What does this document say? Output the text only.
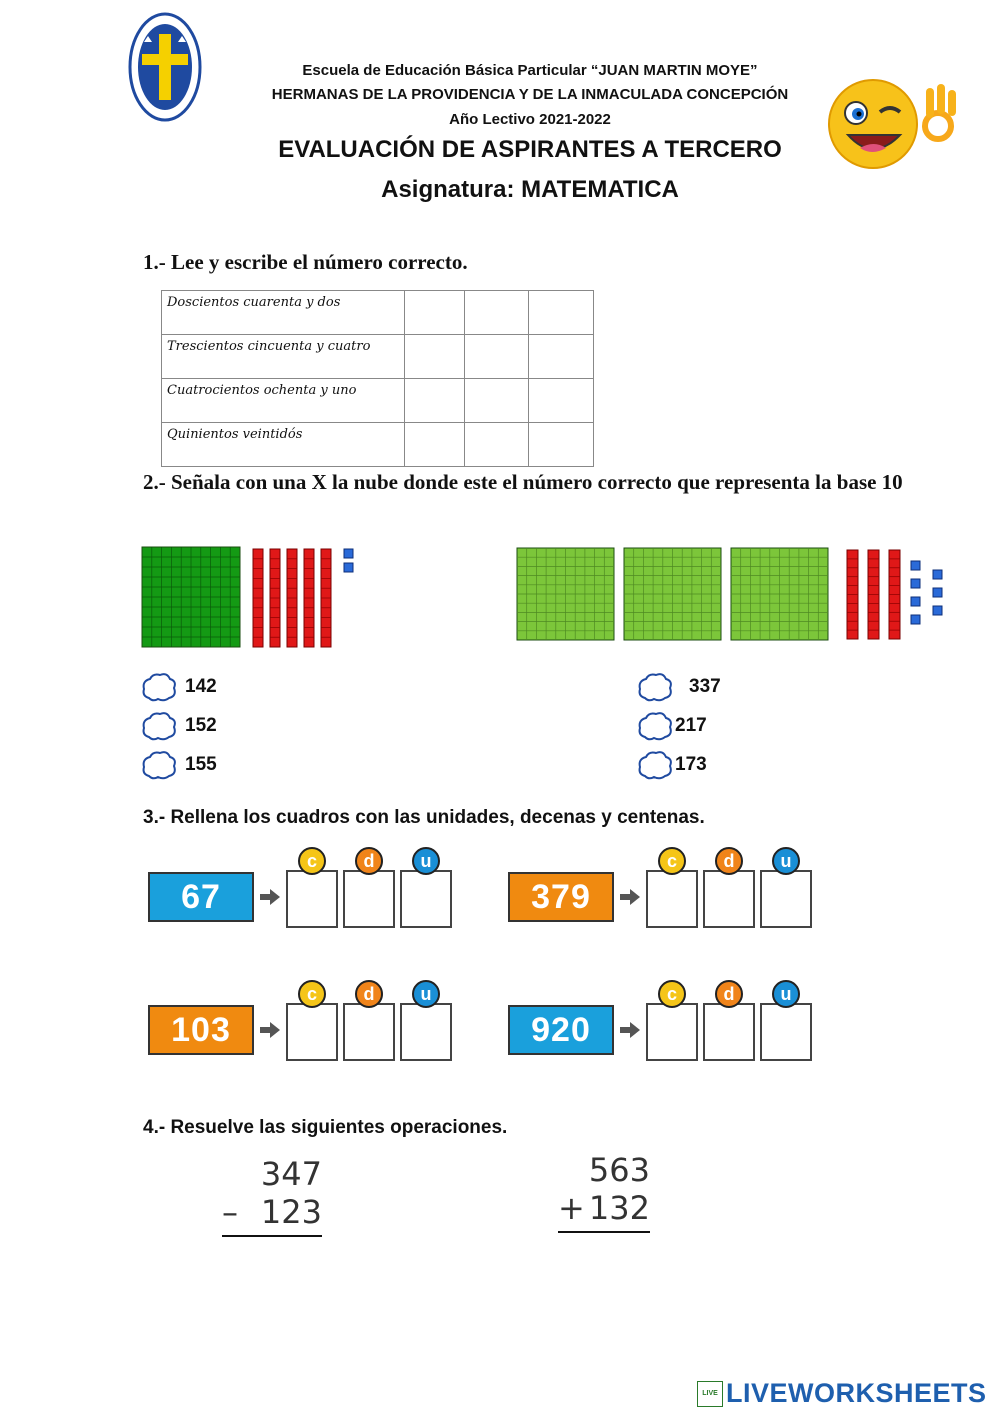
Escuela de Educación Básica Particular “JUAN MARTIN MOYE”
HERMANAS DE LA PROVIDENCIA Y DE LA INMACULADA CONCEPCIÓN
Año Lectivo 2021-2022
EVALUACIÓN DE ASPIRANTES A TERCERO
Asignatura: MATEMATICA
1.- Lee y escribe el número correcto.
Doscientos cuarenta y dos			
Trescientos cincuenta y cuatro			
Cuatrocientos ochenta y uno			
Quinientos veintidós			
2.- Señala con una X la nube donde este el número correcto que representa la base 10
142
152
155
337
217
173
3.- Rellena los cuadros con las unidades, decenas y centenas.
67
c	d	u
379
c	d	u
103
c	d	u
920
c	d	u
4.- Resuelve las siguientes operaciones.
347
– 123
563
+ 132
LIVE LIVEWORKSHEETS
